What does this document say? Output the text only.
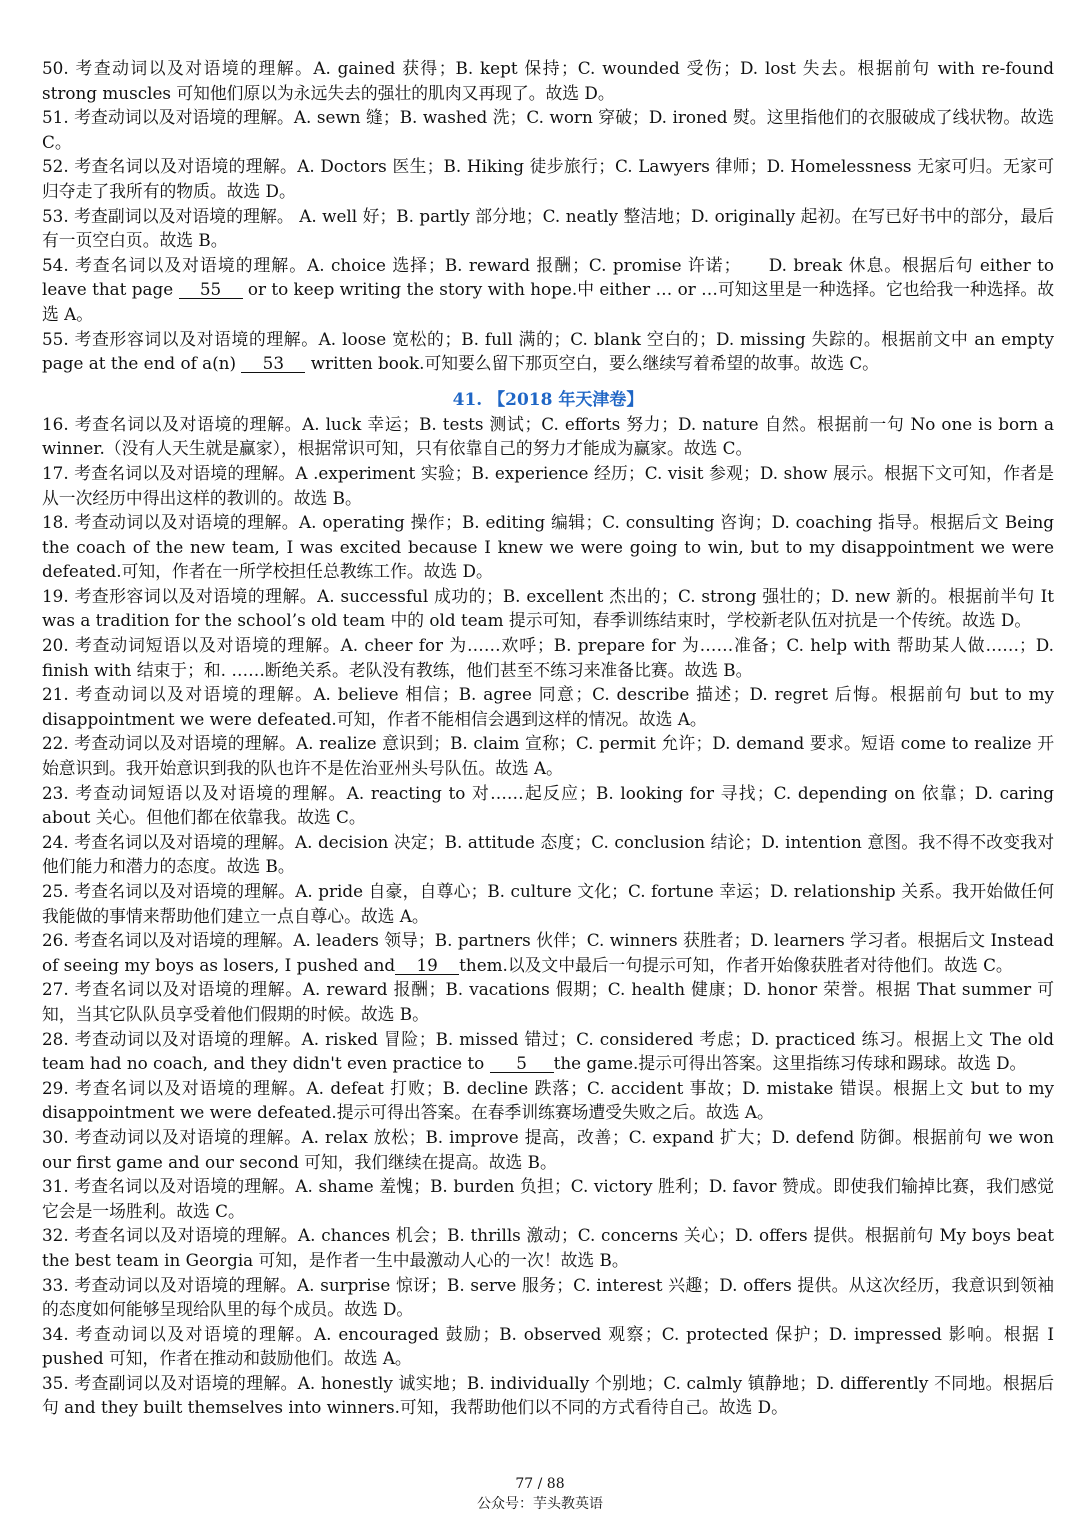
50. 考查动词以及对语境的理解。A. gained 获得；B. kept 保持；C. wounded 受伤；D. lost 失去。根据前句 with re-found strong muscles 可知他们原以为永远失去的强壮的肌肉又再现了。故选 D。

51. 考查动词以及对语境的理解。A. sewn 缝；B. washed 洗；C. worn 穿破；D. ironed 熨。这里指他们的衣服破成了线状物。故选 C。

52. 考查名词以及对语境的理解。A. Doctors 医生；B. Hiking 徒步旅行；C. Lawyers 律师；D. Homelessness 无家可归。无家可归夺走了我所有的物质。故选 D。

53. 考查副词以及对语境的理解。 A. well 好；B. partly 部分地；C. neatly 整洁地；D. originally 起初。在写已好书中的部分，最后有一页空白页。故选 B。

54. 考查名词以及对语境的理解。A. choice 选择；B. reward 报酬；C. promise 许诺；　　D. break 休息。根据后句 either to leave that page 55 or to keep writing the story with hope.中 either … or …可知这里是一种选择。它也给我一种选择。故选 A。

55. 考查形容词以及对语境的理解。A. loose 宽松的；B. full 满的；C. blank 空白的；D. missing 失踪的。根据前文中 an empty page at the end of a(n) 53 written book.可知要么留下那页空白，要么继续写着希望的故事。故选 C。

41. 【2018 年天津卷】

16. 考查名词以及对语境的理解。A. luck 幸运；B. tests 测试；C. efforts 努力；D. nature 自然。根据前一句 No one is born a winner.（没有人天生就是赢家），根据常识可知，只有依靠自己的努力才能成为赢家。故选 C。

17. 考查名词以及对语境的理解。A .experiment 实验；B. experience 经历；C. visit 参观；D. show 展示。根据下文可知，作者是从一次经历中得出这样的教训的。故选 B。

18. 考查动词以及对语境的理解。A. operating 操作；B. editing 编辑；C. consulting 咨询；D. coaching 指导。根据后文 Being the coach of the new team, I was excited because I knew we were going to win, but to my disappointment we were defeated.可知，作者在一所学校担任总教练工作。故选 D。

19. 考查形容词以及对语境的理解。A. successful 成功的；B. excellent 杰出的；C. strong 强壮的；D. new 新的。根据前半句 It was a tradition for the school’s old team 中的 old team 提示可知，春季训练结束时，学校新老队伍对抗是一个传统。故选 D。

20. 考查动词短语以及对语境的理解。A. cheer for 为……欢呼；B. prepare for 为……准备；C. help with 帮助某人做……；D. finish with 结束于；和. ……断绝关系。老队没有教练，他们甚至不练习来准备比赛。故选 B。

21. 考查动词以及对语境的理解。A. believe 相信；B. agree 同意；C. describe 描述；D. regret 后悔。根据前句 but to my disappointment we were defeated.可知，作者不能相信会遇到这样的情况。故选 A。

22. 考查动词以及对语境的理解。A. realize 意识到；B. claim 宣称；C. permit 允许；D. demand 要求。短语 come to realize 开始意识到。我开始意识到我的队也许不是佐治亚州头号队伍。故选 A。

23. 考查动词短语以及对语境的理解。A. reacting to 对……起反应；B. looking for 寻找；C. depending on 依靠；D. caring about 关心。但他们都在依靠我。故选 C。

24. 考查名词以及对语境的理解。A. decision 决定；B. attitude 态度；C. conclusion 结论；D. intention 意图。我不得不改变我对他们能力和潜力的态度。故选 B。

25. 考查名词以及对语境的理解。A. pride 自豪，自尊心；B. culture 文化；C. fortune 幸运；D. relationship 关系。我开始做任何我能做的事情来帮助他们建立一点自尊心。故选 A。

26. 考查名词以及对语境的理解。A. leaders 领导；B. partners 伙伴；C. winners 获胜者；D. learners 学习者。根据后文 Instead of seeing my boys as losers, I pushed and 19 them.以及文中最后一句提示可知，作者开始像获胜者对待他们。故选 C。

27. 考查名词以及对语境的理解。A. reward 报酬；B. vacations 假期；C. health 健康；D. honor 荣誉。根据 That summer 可知，当其它队队员享受着他们假期的时候。故选 B。

28. 考查动词以及对语境的理解。A. risked 冒险；B. missed 错过；C. considered 考虑；D. practiced 练习。根据上文 The old team had no coach, and they didn't even practice to 5 the game.提示可得出答案。这里指练习传球和踢球。故选 D。

29. 考查名词以及对语境的理解。A. defeat 打败；B. decline 跌落；C. accident 事故；D. mistake 错误。根据上文 but to my disappointment we were defeated.提示可得出答案。在春季训练赛场遭受失败之后。故选 A。

30. 考查动词以及对语境的理解。A. relax 放松；B. improve 提高，改善；C. expand 扩大；D. defend 防御。根据前句 we won our first game and our second 可知，我们继续在提高。故选 B。

31. 考查名词以及对语境的理解。A. shame 羞愧；B. burden 负担；C. victory 胜利；D. favor 赞成。即使我们输掉比赛，我们感觉它会是一场胜利。故选 C。

32. 考查名词以及对语境的理解。A. chances 机会；B. thrills 激动；C. concerns 关心；D. offers 提供。根据前句 My boys beat the best team in Georgia 可知，是作者一生中最激动人心的一次！故选 B。

33. 考查动词以及对语境的理解。A. surprise 惊讶；B. serve 服务；C. interest 兴趣；D. offers 提供。从这次经历，我意识到领袖的态度如何能够呈现给队里的每个成员。故选 D。

34. 考查动词以及对语境的理解。A. encouraged 鼓励；B. observed 观察；C. protected 保护；D. impressed 影响。根据 I pushed 可知，作者在推动和鼓励他们。故选 A。

35. 考查副词以及对语境的理解。A. honestly 诚实地；B. individually 个别地；C. calmly 镇静地；D. differently 不同地。根据后句 and they built themselves into winners.可知，我帮助他们以不同的方式看待自己。故选 D。

77 / 88
公众号：芋头教英语
